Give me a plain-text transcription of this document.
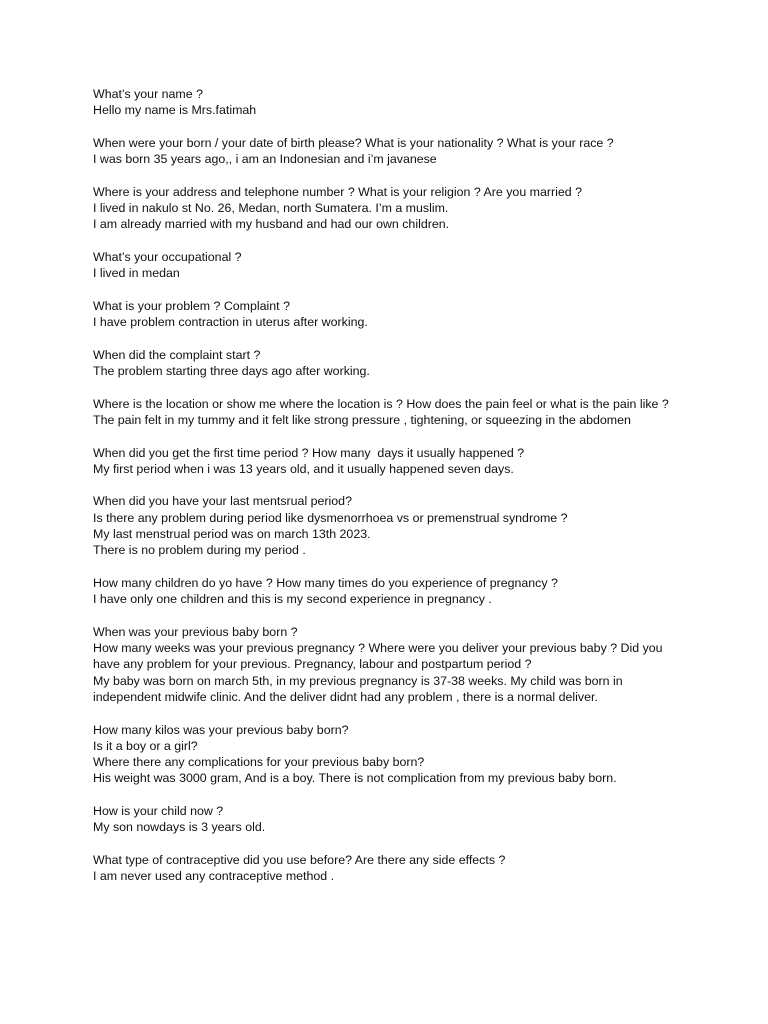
What’s your name ?
Hello my name is Mrs.fatimah
When were your born / your date of birth please? What is your nationality ? What is your race ?
I was born 35 years ago,, i am an Indonesian and i’m javanese
Where is your address and telephone number ? What is your religion ? Are you married ?
I lived in nakulo st No. 26, Medan, north Sumatera. I’m a muslim.
I am already married with my husband and had our own children.
What’s your occupational ?
I lived in medan
What is your problem ? Complaint ?
I have problem contraction in uterus after working.
When did the complaint start ?
The problem starting three days ago after working.
Where is the location or show me where the location is ? How does the pain feel or what is the pain like ?
The pain felt in my tummy and it felt like strong pressure , tightening, or squeezing in the abdomen
When did you get the first time period ? How many  days it usually happened ?
My first period when i was 13 years old, and it usually happened seven days.
When did you have your last mentsrual period?
Is there any problem during period like dysmenorrhoea vs or premenstrual syndrome ?
My last menstrual period was on march 13th 2023.
There is no problem during my period .
How many children do yo have ? How many times do you experience of pregnancy ?
I have only one children and this is my second experience in pregnancy .
When was your previous baby born ?
How many weeks was your previous pregnancy ? Where were you deliver your previous baby ? Did you have any problem for your previous. Pregnancy, labour and postpartum period ?
My baby was born on march 5th, in my previous pregnancy is 37-38 weeks. My child was born in independent midwife clinic. And the deliver didnt had any problem , there is a normal deliver.
How many kilos was your previous baby born?
Is it a boy or a girl?
Where there any complications for your previous baby born?
His weight was 3000 gram, And is a boy. There is not complication from my previous baby born.
How is your child now ?
My son nowdays is 3 years old.
What type of contraceptive did you use before? Are there any side effects ?
I am never used any contraceptive method .
